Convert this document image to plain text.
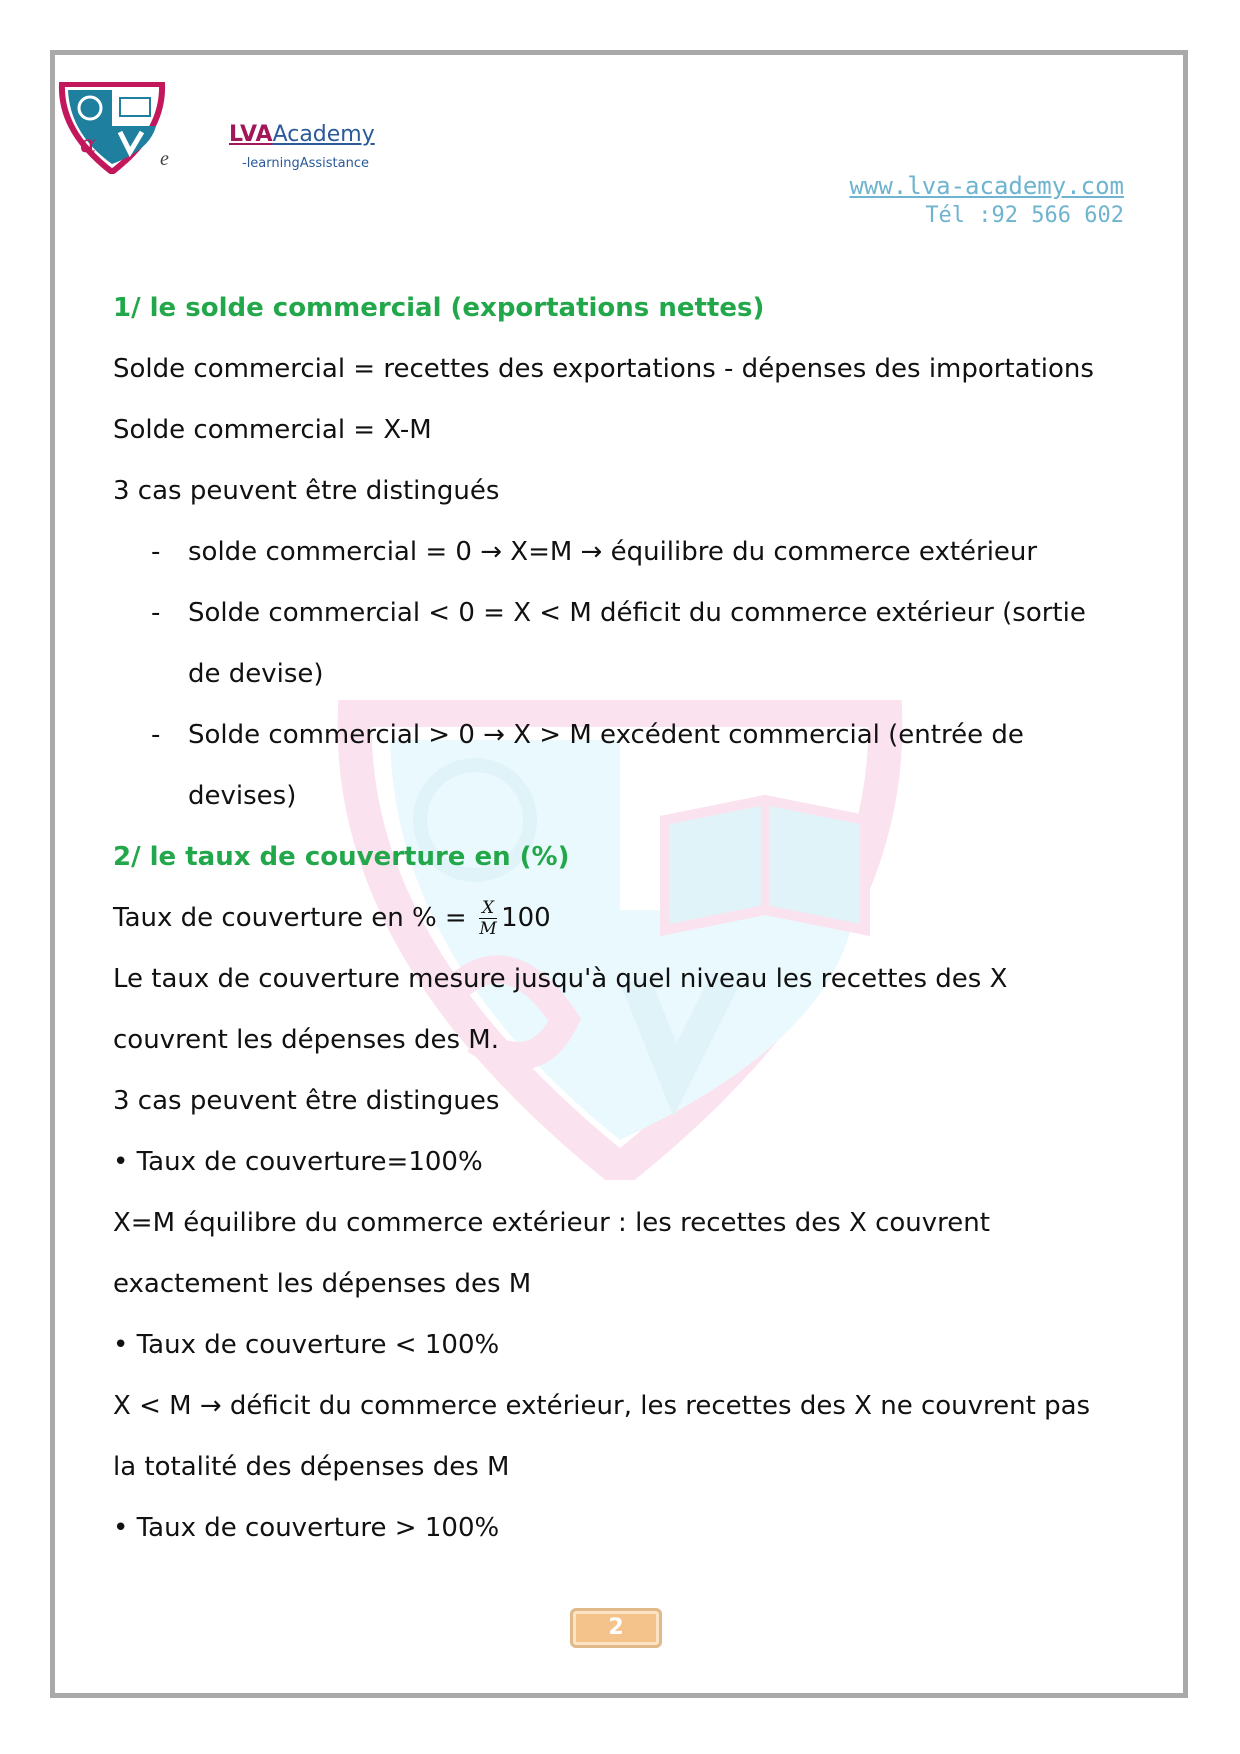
α
e
LVAAcademy
-learningAssistance
www.lva-academy.com
Tél :92 566 602
1/ le solde commercial (exportations nettes)
Solde commercial = recettes des exportations - dépenses des importations
Solde commercial = X-M
3 cas peuvent être distingués
- solde commercial = 0 → X=M → équilibre du commerce extérieur
- Solde commercial < 0 = X < M déficit du commerce extérieur (sortie
de devise)
- Solde commercial > 0 → X > M excédent commercial (entrée de
devises)
2/ le taux de couverture en (%)
Taux de couverture en % = $\frac{X}{M} 100$
Le taux de couverture mesure jusqu'à quel niveau les recettes des X
couvrent les dépenses des M.
3 cas peuvent être distingues
• Taux de couverture=100%
X=M équilibre du commerce extérieur : les recettes des X couvrent
exactement les dépenses des M
• Taux de couverture < 100%
X < M → déficit du commerce extérieur, les recettes des X ne couvrent pas
la totalité des dépenses des M
• Taux de couverture > 100%
2
